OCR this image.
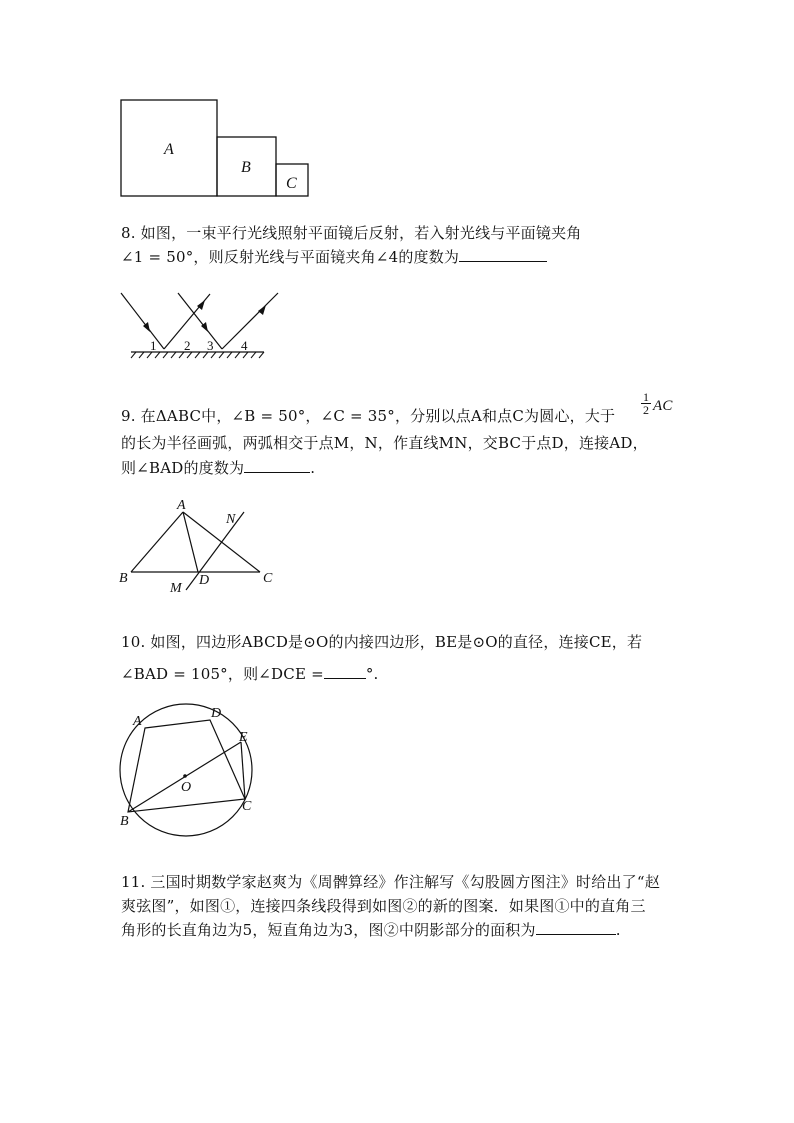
A
B
C
8. 如图，一束平行光线照射平面镜后反射，若入射光线与平面镜夹角
∠1 = 50°，则反射光线与平面镜夹角∠4的度数为
1 2 3 4
9. 在ΔABC中，∠B = 50°，∠C = 35°，分别以点A和点C为圆心，大于
1
2 AC
的长为半径画弧，两弧相交于点M，N，作直线MN，交BC于点D，连接AD，
则∠BAD的度数为	.
A
B	C
D
M
N
10. 如图，四边形ABCD是⊙O的内接四边形，BE是⊙O的直径，连接CE，若
∠BAD = 105°，则∠DCE =	°.
A
D
E
C
B
O
11. 三国时期数学家赵爽为《周髀算经》作注解写《勾股圆方图注》时给出了“赵
爽弦图”，如图①，连接四条线段得到如图②的新的图案．如果图①中的直角三
角形的长直角边为5，短直角边为3，图②中阴影部分的面积为	.
